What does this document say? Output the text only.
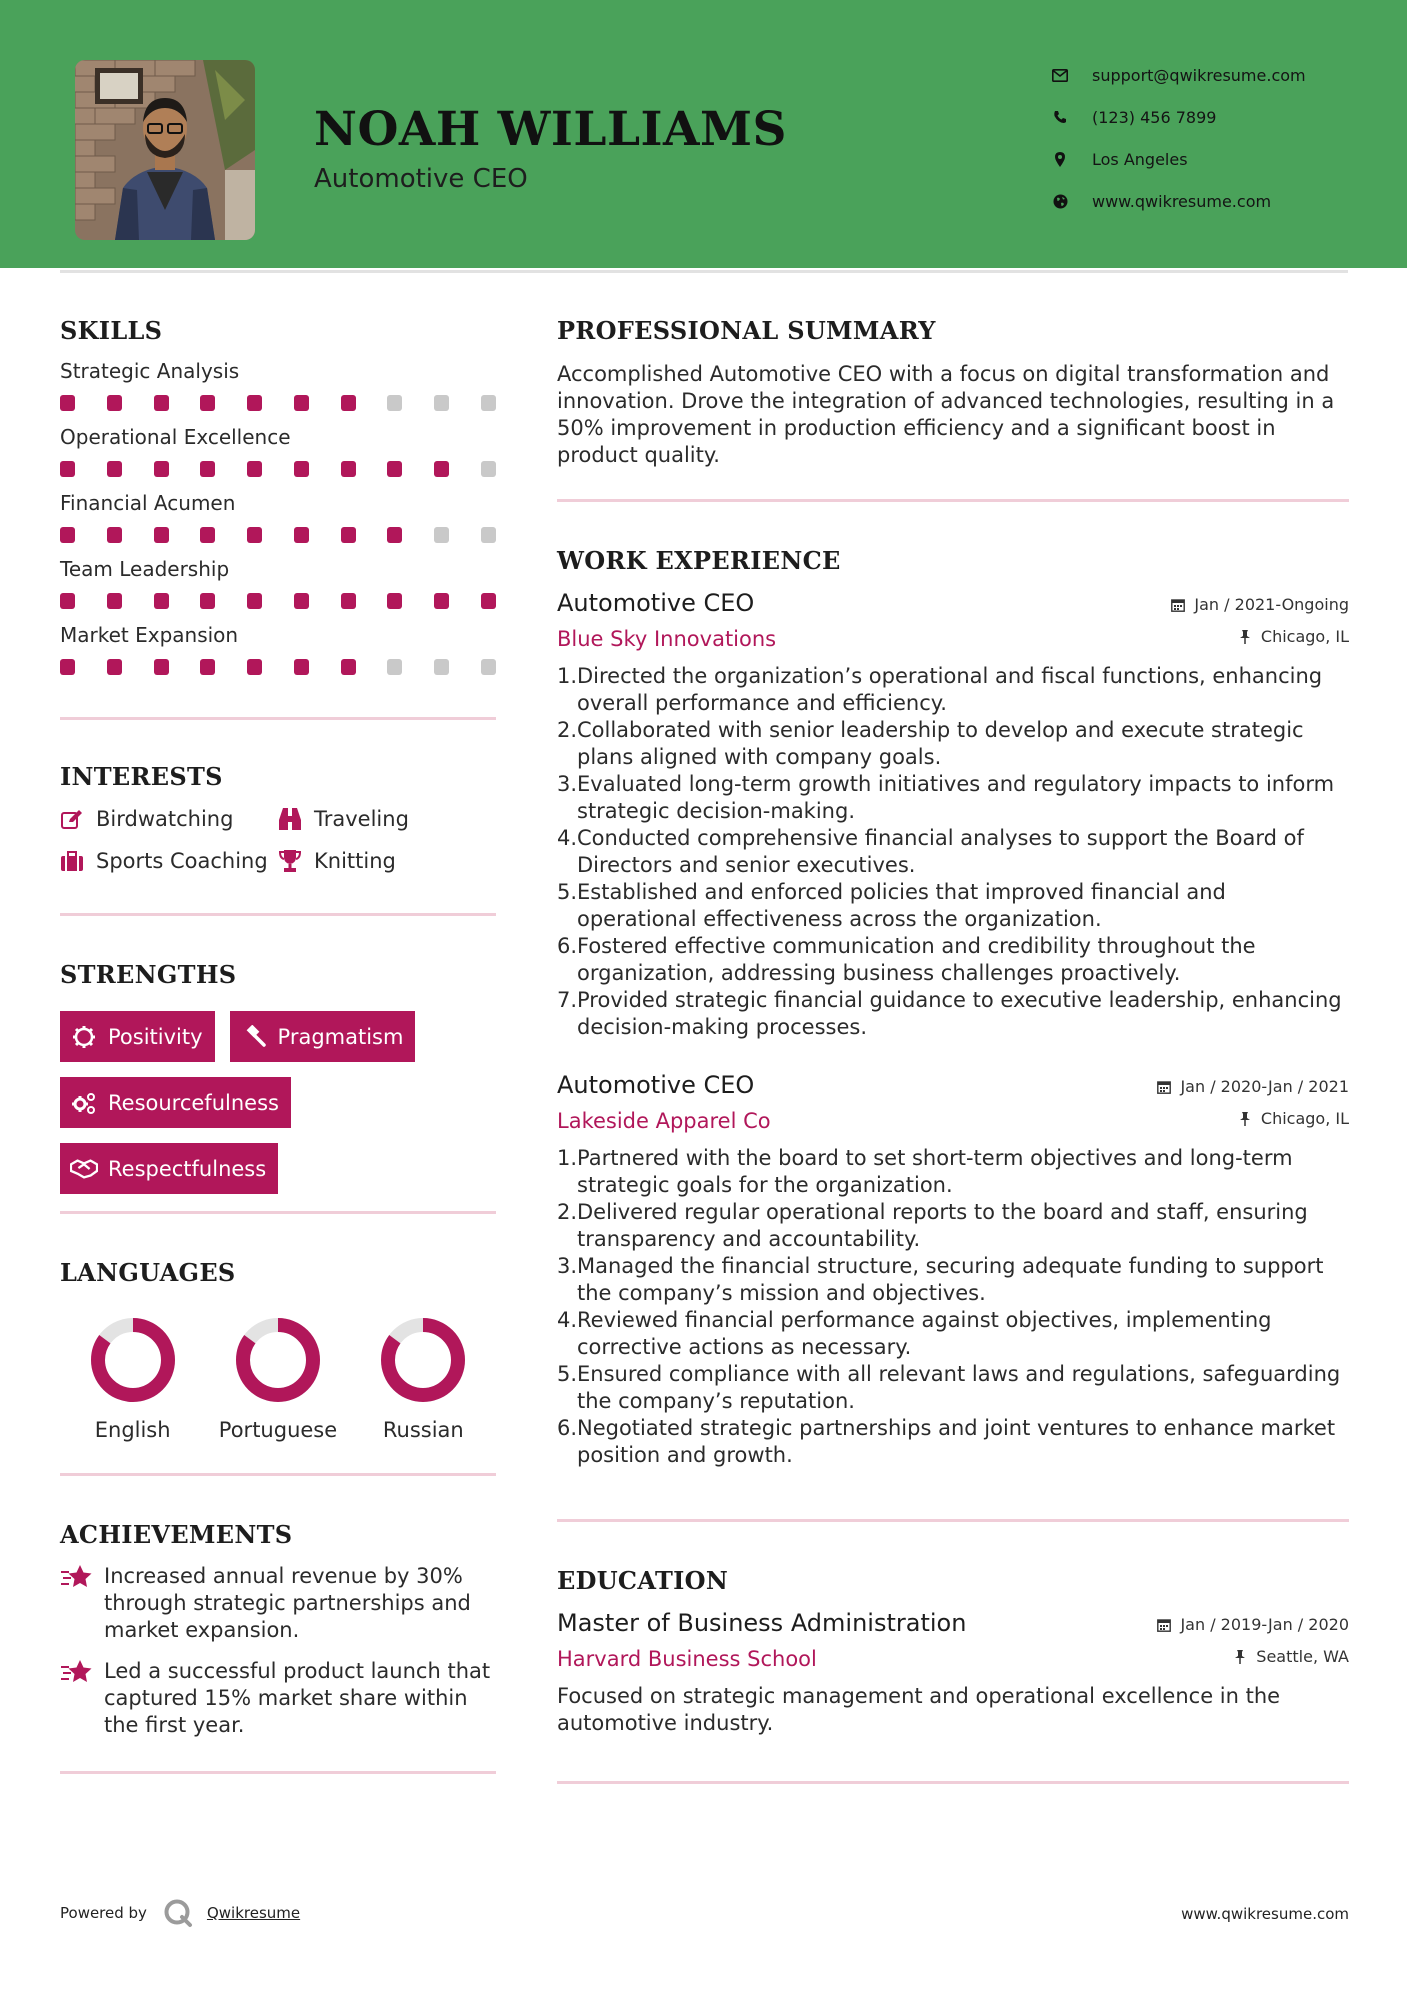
NOAH WILLIAMS
Automotive CEO
support@qwikresume.com
(123) 456 7899
Los Angeles
www.qwikresume.com
SKILLS
Strategic Analysis
Operational Excellence
Financial Acumen
Team Leadership
Market Expansion
INTERESTS
Birdwatching	Traveling
Sports Coaching Knitting
STRENGTHS
Positivity	Pragmatism
Resourcefulness
Respectfulness
LANGUAGES
English	Portuguese	Russian
ACHIEVEMENTS
Increased annual revenue by 30% through strategic partnerships and market expansion.
Led a successful product launch that captured 15% market share within the first year.
PROFESSIONAL SUMMARY
Accomplished Automotive CEO with a focus on digital transformation and innovation. Drove the integration of advanced technologies, resulting in a 50% improvement in production efficiency and a significant boost in product quality.
WORK EXPERIENCE
Automotive CEO
Blue Sky Innovations
Jan / 2021-Ongoing
Chicago, IL
1. Directed the organization’s operational and fiscal functions, enhancing overall performance and efficiency.
2. Collaborated with senior leadership to develop and execute strategic plans aligned with company goals.
3. Evaluated long-term growth initiatives and regulatory impacts to inform strategic decision-making.
4. Conducted comprehensive financial analyses to support the Board of Directors and senior executives.
5. Established and enforced policies that improved financial and operational effectiveness across the organization.
6. Fostered effective communication and credibility throughout the organization, addressing business challenges proactively.
7. Provided strategic financial guidance to executive leadership, enhancing decision-making processes.
Automotive CEO
Lakeside Apparel Co
Jan / 2020-Jan / 2021
Chicago, IL
1. Partnered with the board to set short-term objectives and long-term strategic goals for the organization.
2. Delivered regular operational reports to the board and staff, ensuring transparency and accountability.
3. Managed the financial structure, securing adequate funding to support the company’s mission and objectives.
4. Reviewed financial performance against objectives, implementing corrective actions as necessary.
5. Ensured compliance with all relevant laws and regulations, safeguarding the company’s reputation.
6. Negotiated strategic partnerships and joint ventures to enhance market position and growth.
EDUCATION
Master of Business Administration
Harvard Business School
Jan / 2019-Jan / 2020
Seattle, WA
Focused on strategic management and operational excellence in the automotive industry.
Powered by	Qwikresume	www.qwikresume.com
